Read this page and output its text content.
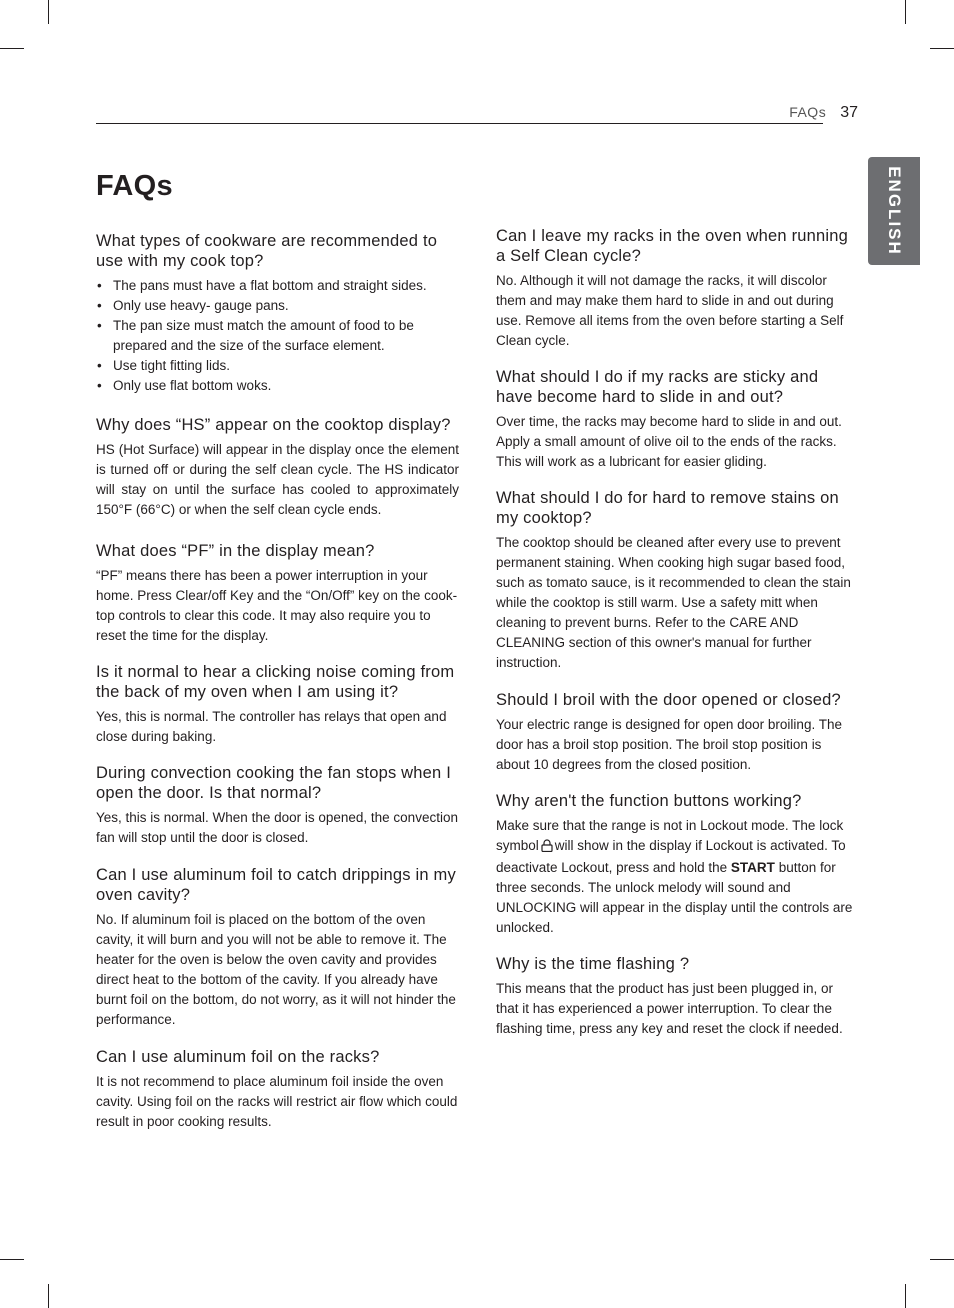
FAQs 37
ENGLISH
FAQs
What types of cookware are recommended to use with my cook top?
• The pans must have a flat bottom and straight sides.
• Only use heavy- gauge pans.
• The pan size must match the amount of food to be prepared and the size of the surface element.
• Use tight fitting lids.
• Only use flat bottom woks.
Why does “HS” appear on the cooktop display?

HS (Hot Surface) will appear in the display once the element is turned off or during the self clean cycle. The HS indicator will stay on until the surface has cooled to approximately 150°F (66°C) or when the self clean cycle ends.

What does “PF” in the display mean?

“PF” means there has been a power interruption in your home. Press Clear/off Key and the “On/Off” key on the cook-top controls to clear this code. It may also require you to reset the time for the display.

Is it normal to hear a clicking noise coming from the back of my oven when I am using it?

Yes, this is normal. The controller has relays that open and close during baking.

During convection cooking the fan stops when I open the door. Is that normal?

Yes, this is normal. When the door is opened, the convection fan will stop until the door is closed.

Can I use aluminum foil to catch drippings in my oven cavity?

No. If aluminum foil is placed on the bottom of the oven cavity, it will burn and you will not be able to remove it. The heater for the oven is below the oven cavity and provides direct heat to the bottom of the cavity. If you already have burnt foil on the bottom, do not worry, as it will not hinder the performance.

Can I use aluminum foil on the racks?

It is not recommend to place aluminum foil inside the oven cavity. Using foil on the racks will restrict air flow which could result in poor cooking results.

Can I leave my racks in the oven when running a Self Clean cycle?

No. Although it will not damage the racks, it will discolor them and may make them hard to slide in and out during use. Remove all items from the oven before starting a Self Clean cycle.

What should I do if my racks are sticky and have become hard to slide in and out?

Over time, the racks may become hard to slide in and out. Apply a small amount of olive oil to the ends of the racks. This will work as a lubricant for easier gliding.

What should I do for hard to remove stains on my cooktop?

The cooktop should be cleaned after every use to prevent permanent staining. When cooking high sugar based food, such as tomato sauce, is it recommended to clean the stain while the cooktop is still warm. Use a safety mitt when cleaning to prevent burns. Refer to the CARE AND CLEANING section of this owner's manual for further instruction.

Should I broil with the door opened or closed?

Your electric range is designed for open door broiling. The door has a broil stop position. The broil stop position is about 10 degrees from the closed position.

Why aren't the function buttons working?

Make sure that the range is not in Lockout mode. The lock symbol will show in the display if Lockout is activated. To deactivate Lockout, press and hold the START button for three seconds. The unlock melody will sound and UNLOCKING will appear in the display until the controls are unlocked.

Why is the time flashing ?

This means that the product has just been plugged in, or that it has experienced a power interruption. To clear the flashing time, press any key and reset the clock if needed.
